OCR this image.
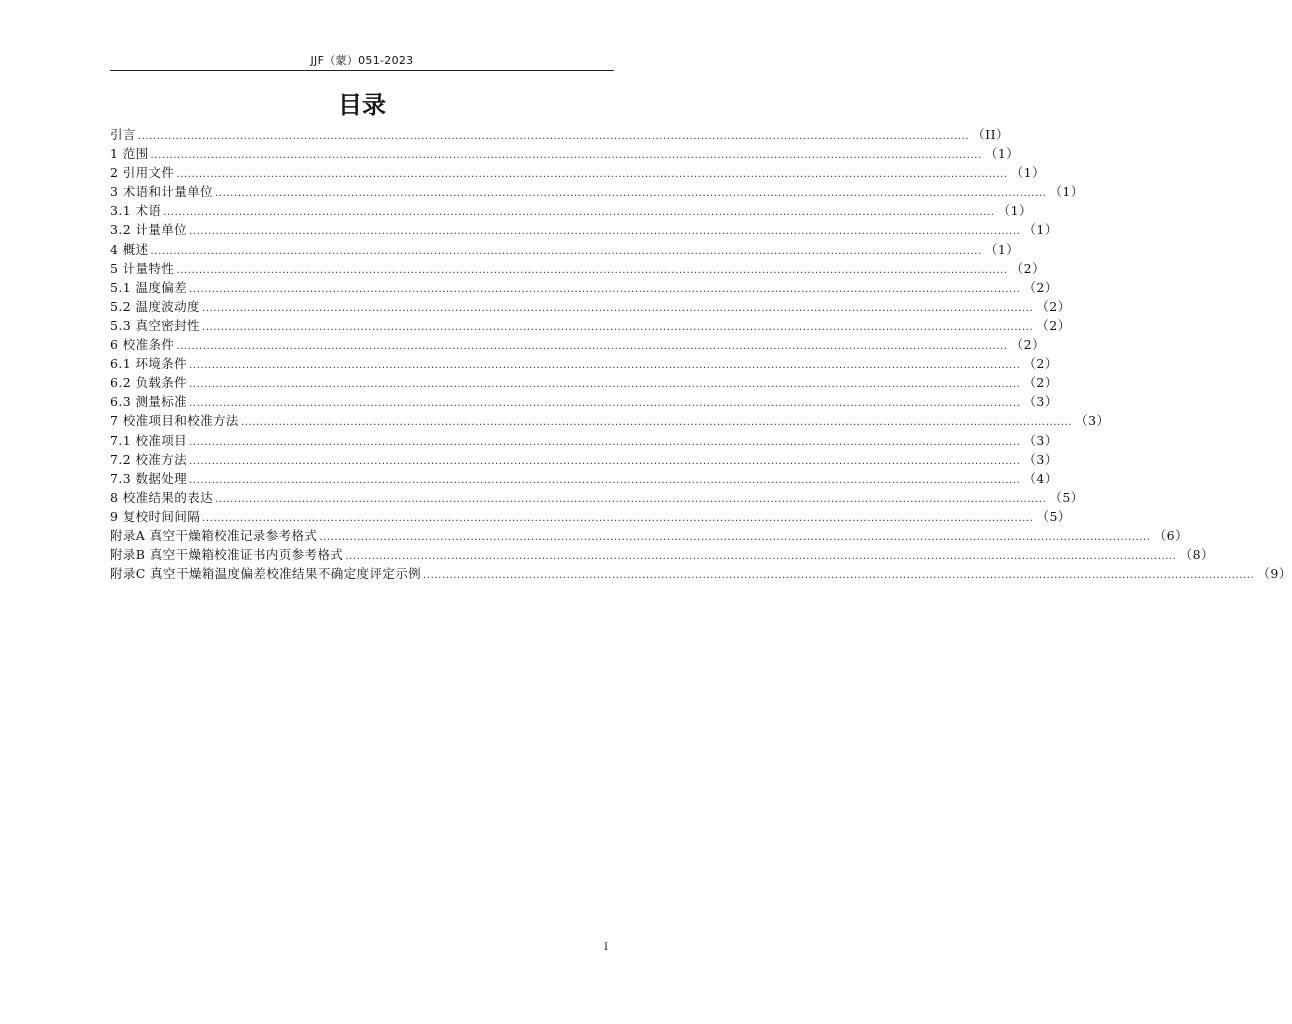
JJF（蒙）051-2023
目录
引言 ............................................................................................................................................................................................................................ （II）
1 范围 ............................................................................................................................................................................................................................ （1）
2 引用文件 ............................................................................................................................................................................................................................ （1）
3 术语和计量单位 ............................................................................................................................................................................................................................ （1）
3.1 术语 ............................................................................................................................................................................................................................ （1）
3.2 计量单位 ............................................................................................................................................................................................................................ （1）
4 概述 ............................................................................................................................................................................................................................ （1）
5 计量特性 ............................................................................................................................................................................................................................ （2）
5.1 温度偏差 ............................................................................................................................................................................................................................ （2）
5.2 温度波动度 ............................................................................................................................................................................................................................ （2）
5.3 真空密封性 ............................................................................................................................................................................................................................ （2）
6 校准条件 ............................................................................................................................................................................................................................ （2）
6.1 环境条件 ............................................................................................................................................................................................................................ （2）
6.2 负载条件 ............................................................................................................................................................................................................................ （2）
6.3 测量标准 ............................................................................................................................................................................................................................ （3）
7 校准项目和校准方法 ............................................................................................................................................................................................................................ （3）
7.1 校准项目 ............................................................................................................................................................................................................................ （3）
7.2 校准方法 ............................................................................................................................................................................................................................ （3）
7.3 数据处理 ............................................................................................................................................................................................................................ （4）
8 校准结果的表达 ............................................................................................................................................................................................................................ （5）
9 复校时间间隔 ............................................................................................................................................................................................................................ （5）
附录A 真空干燥箱校准记录参考格式 ............................................................................................................................................................................................................................ （6）
附录B 真空干燥箱校准证书内页参考格式 ............................................................................................................................................................................................................................ （8）
附录C 真空干燥箱温度偏差校准结果不确定度评定示例 ............................................................................................................................................................................................................................ （9）
I
